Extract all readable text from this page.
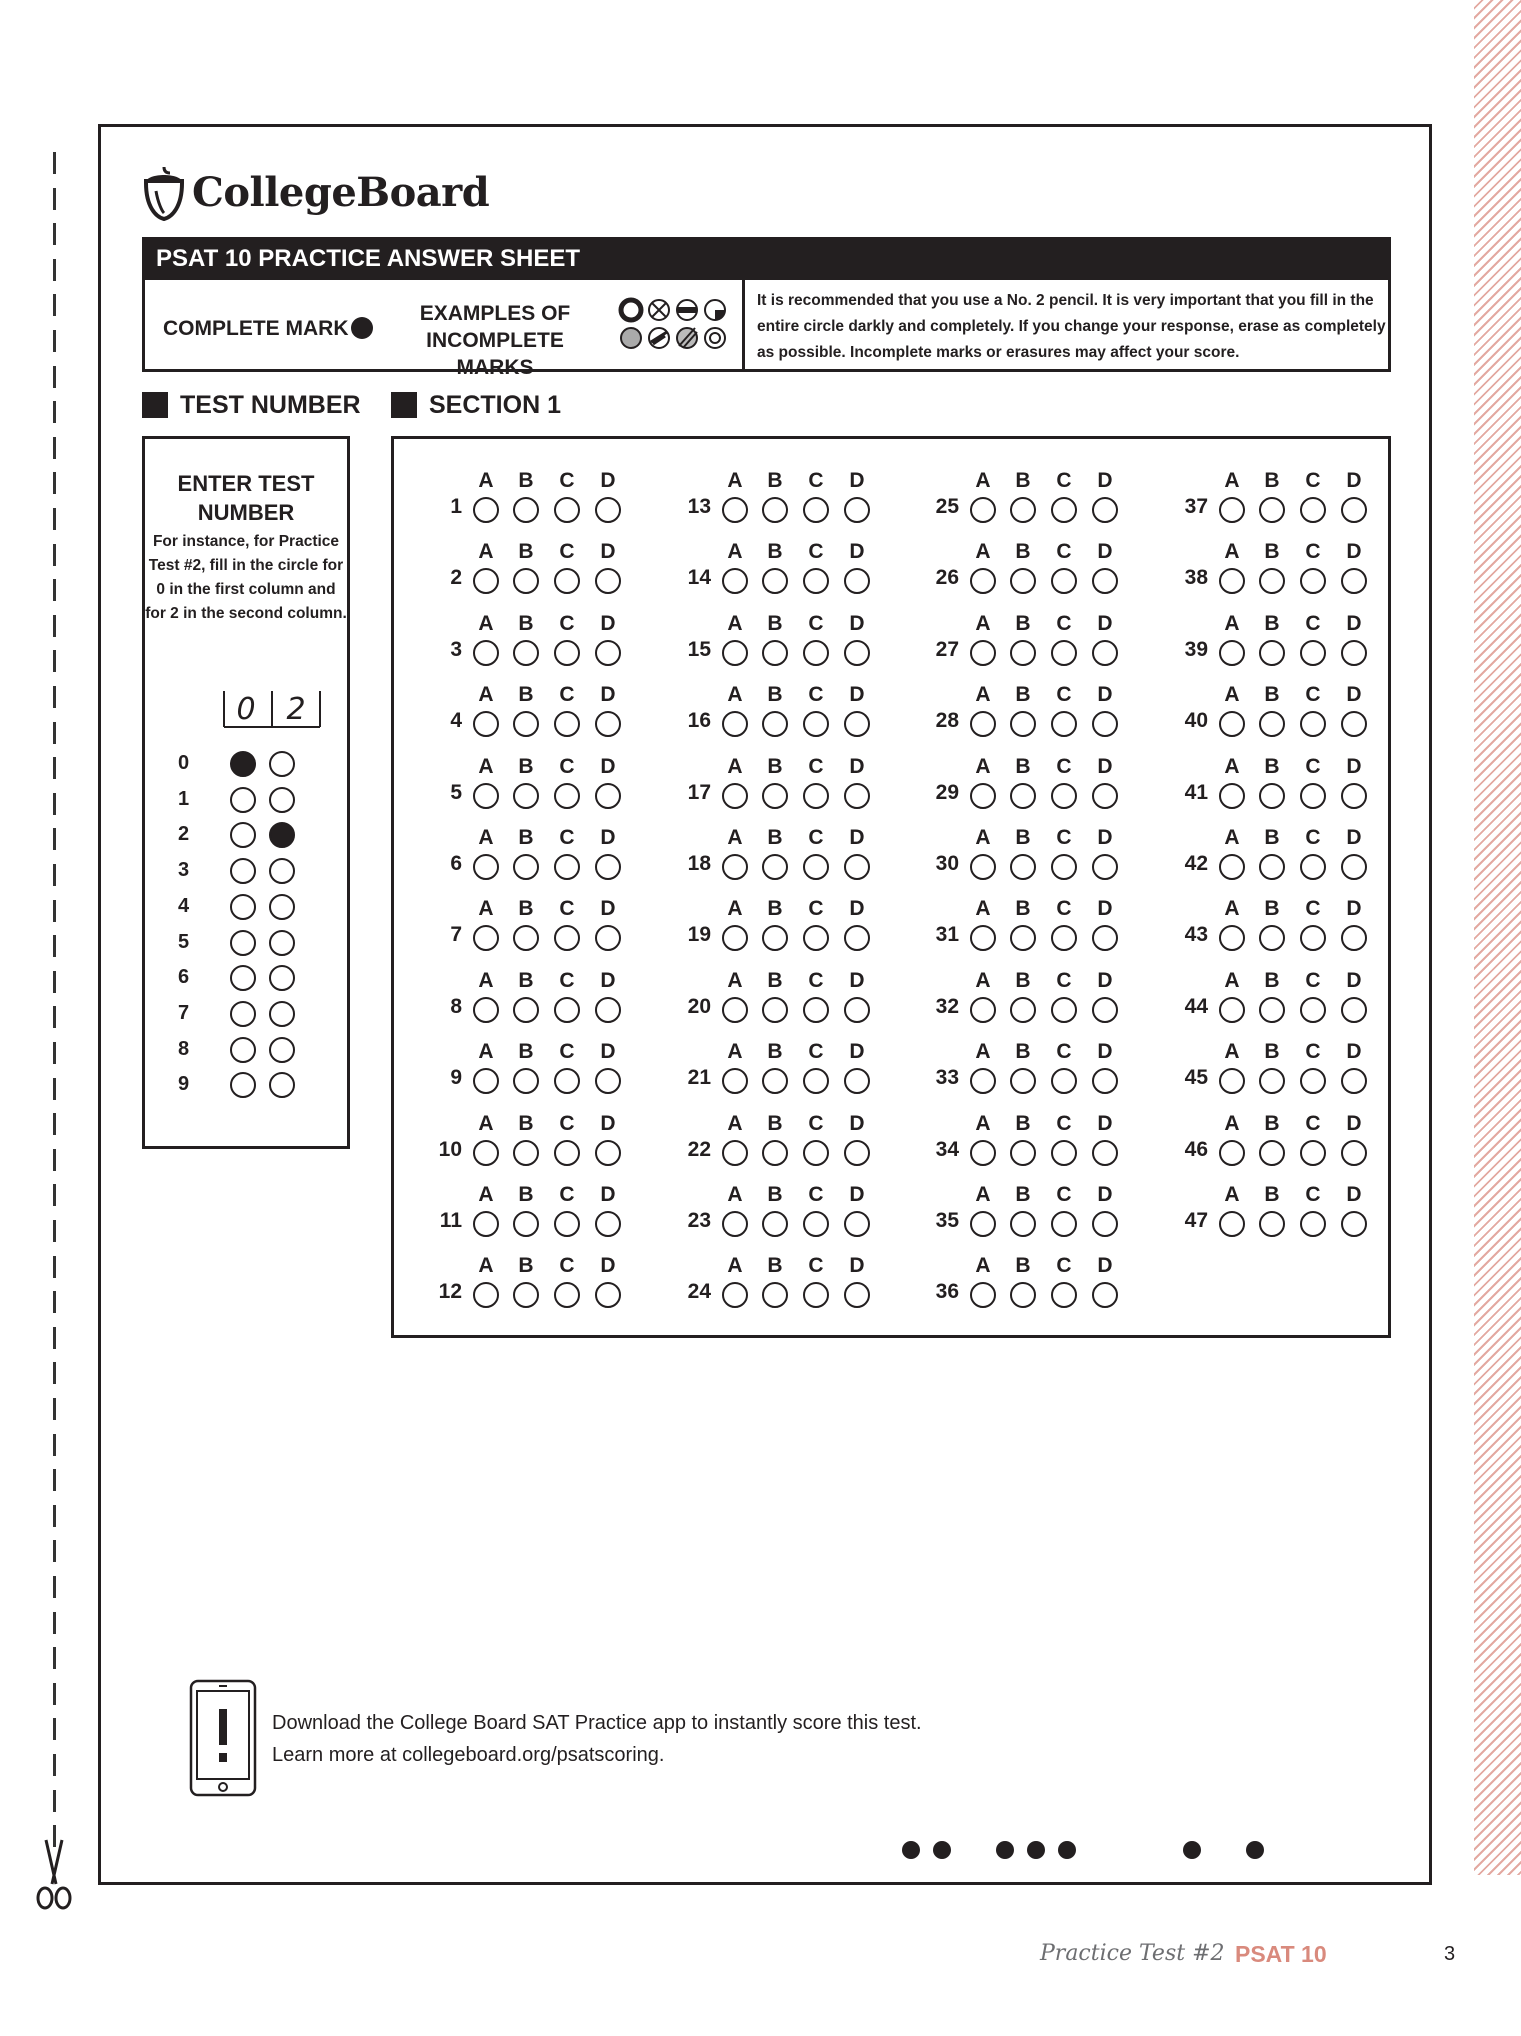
CollegeBoard
PSAT 10 PRACTICE ANSWER SHEET
COMPLETE MARK
EXAMPLES OF
INCOMPLETE MARKS
It is recommended that you use a No. 2 pencil. It is very important that you fill in the entire circle darkly and completely. If you change your response, erase as completely as possible. Incomplete marks or erasures may affect your score.
TEST NUMBER	SECTION 1
ENTER TEST
NUMBER
For instance, for Practice Test #2, fill in the circle for 0 in the first column and for 2 in the second column.
0 2
0
1
2
3
4
5
6
7
8
9
1
A B C D
2
A B C D
3
A B C D
4
A B C D
5
A B C D
6
A B C D
7
A B C D
8
A B C D
9
A B C D
10
A B C D
11
A B C D
12
A B C D
13
A B C D
14
A B C D
15
A B C D
16
A B C D
17
A B C D
18
A B C D
19
A B C D
20
A B C D
21
A B C D
22
A B C D
23
A B C D
24
A B C D
25
A B C D
26
A B C D
27
A B C D
28
A B C D
29
A B C D
30
A B C D
31
A B C D
32
A B C D
33
A B C D
34
A B C D
35
A B C D
36
A B C D
37
A B C D
38
A B C D
39
A B C D
40
A B C D
41
A B C D
42
A B C D
43
A B C D
44
A B C D
45
A B C D
46
A B C D
47
A B C D
Download the College Board SAT Practice app to instantly score this test.
Learn more at collegeboard.org/psatscoring.
Practice Test #2 PSAT 10	3
